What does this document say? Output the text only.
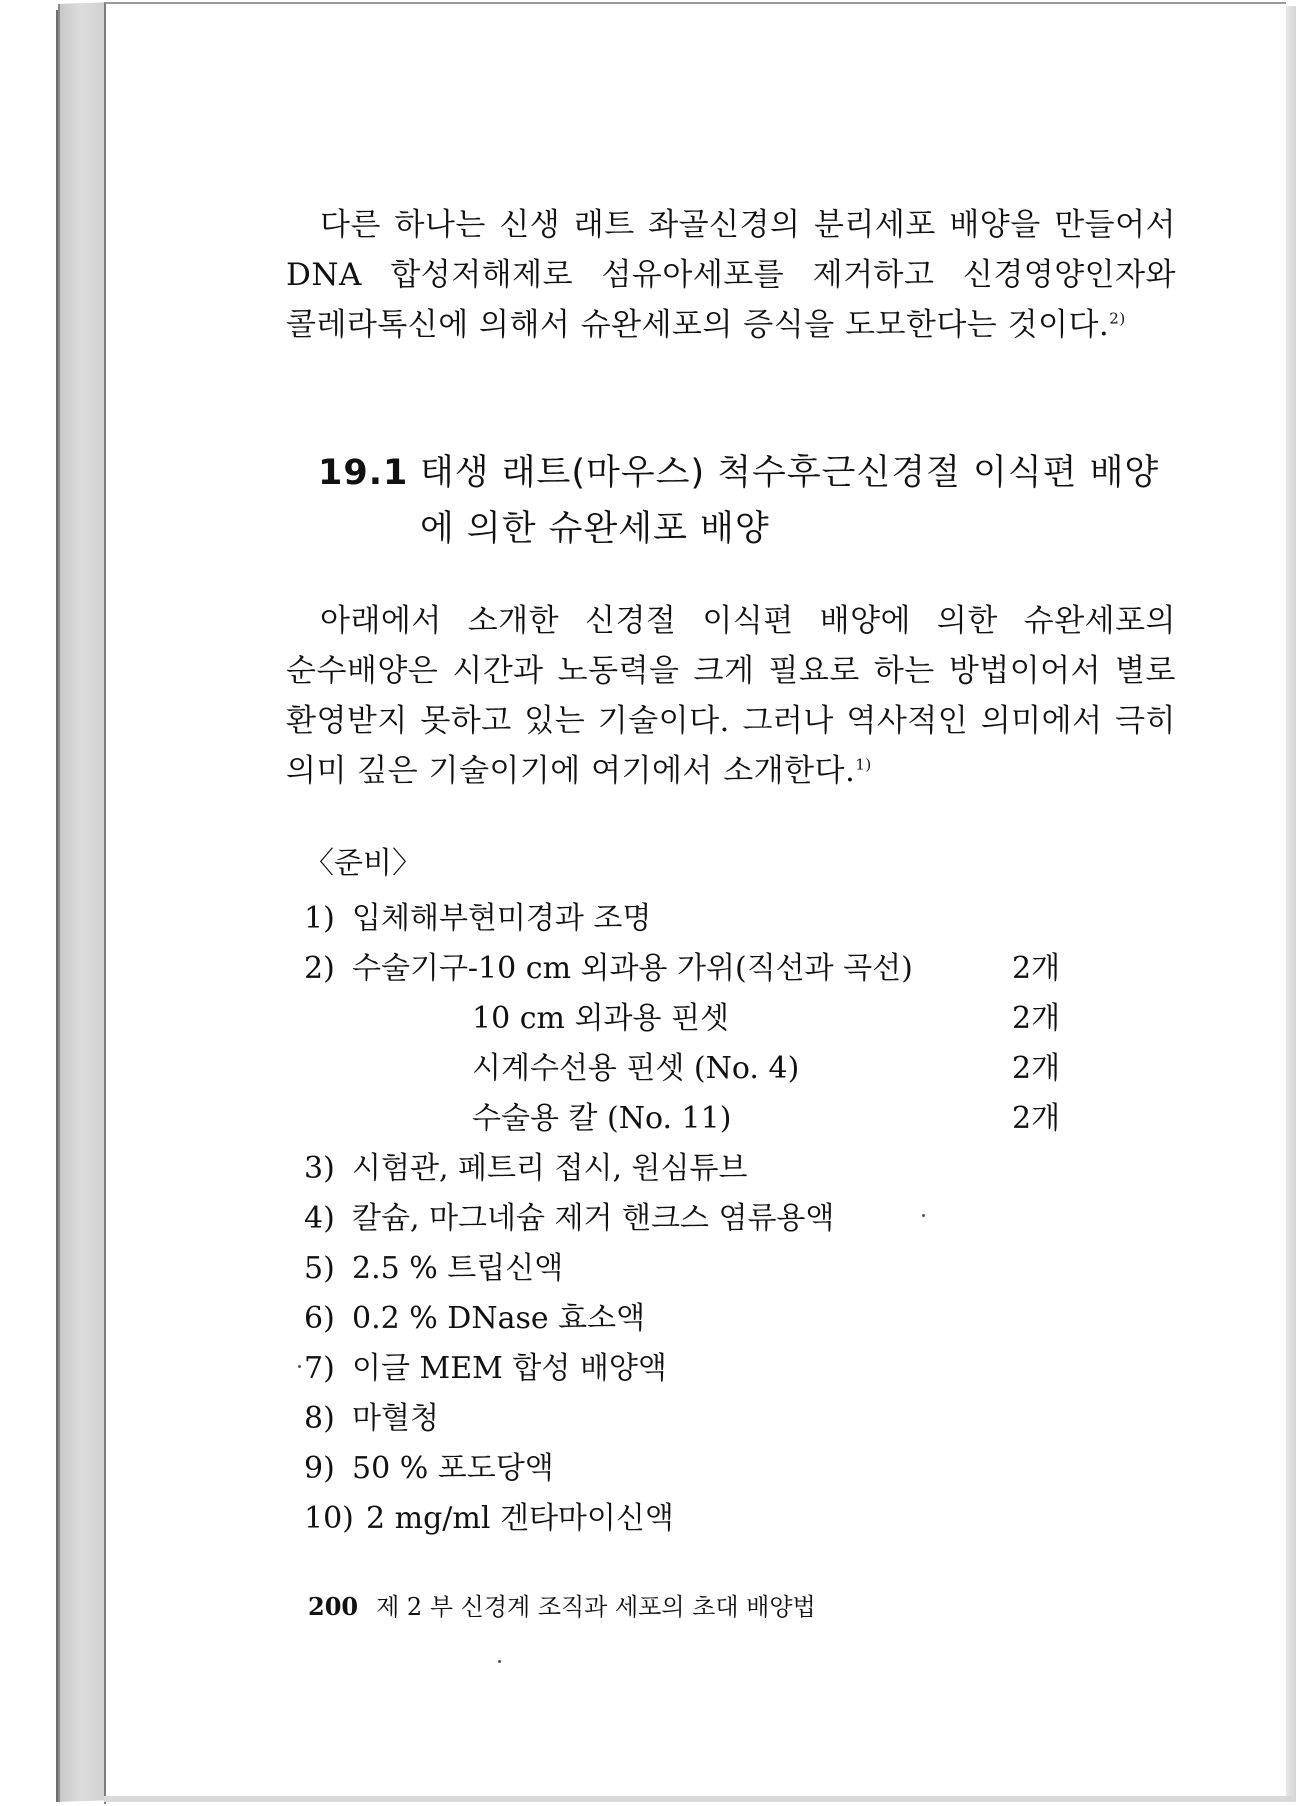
다른 하나는 신생 래트 좌골신경의 분리세포 배양을 만들어서 DNA 합성저해제로 섬유아세포를 제거하고 신경영양인자와 콜레라톡신에 의해서 슈완세포의 증식을 도모한다는 것이다.$^{2)}$
19.1 태생 래트(마우스) 척수후근신경절 이식편 배양
에 의한 슈완세포 배양
아래에서 소개한 신경절 이식편 배양에 의한 슈완세포의 순수배양은 시간과 노동력을 크게 필요로 하는 방법이어서 별로 환영받지 못하고 있는 기술이다. 그러나 역사적인 의미에서 극히 의미 깊은 기술이기에 여기에서 소개한다.$^{1)}$
〈준비〉
1) 입체해부현미경과 조명
2) 수술기구-10 cm 외과용 가위(직선과 곡선)	2개
10 cm 외과용 핀셋	2개
시계수선용 핀셋 (No. 4)	2개
수술용 칼 (No. 11)	2개
3) 시험관, 페트리 접시, 원심튜브
4) 칼슘, 마그네슘 제거 핸크스 염류용액
5) 2.5 % 트립신액
6) 0.2 % DNase 효소액
7) 이글 MEM 합성 배양액
8) 마혈청
9) 50 % 포도당액
10) 2 mg/ml 겐타마이신액
200 제 2 부 신경계 조직과 세포의 초대 배양법
